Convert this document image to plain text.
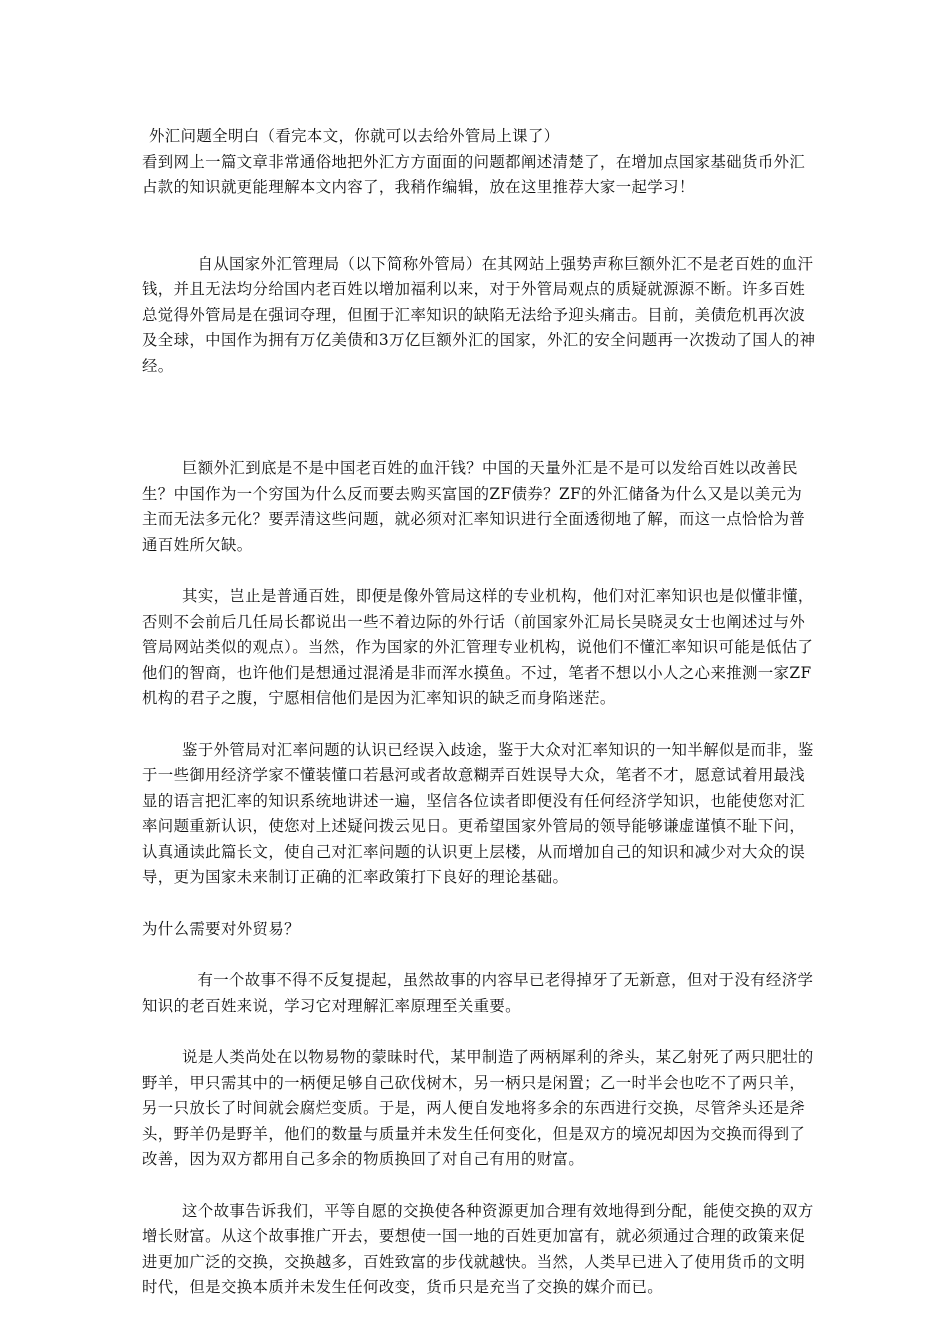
外汇问题全明白（看完本文，你就可以去给外管局上课了）

看到网上一篇文章非常通俗地把外汇方方面面的问题都阐述清楚了，在增加点国家基础货币外汇占款的知识就更能理解本文内容了，我稍作编辑，放在这里推荐大家一起学习！

自从国家外汇管理局（以下简称外管局）在其网站上强势声称巨额外汇不是老百姓的血汗钱，并且无法均分给国内老百姓以增加福利以来，对于外管局观点的质疑就源源不断。许多百姓总觉得外管局是在强词夺理，但囿于汇率知识的缺陷无法给予迎头痛击。目前，美债危机再次波及全球，中国作为拥有万亿美债和3万亿巨额外汇的国家，外汇的安全问题再一次拨动了国人的神经。

巨额外汇到底是不是中国老百姓的血汗钱？中国的天量外汇是不是可以发给百姓以改善民生？中国作为一个穷国为什么反而要去购买富国的ZF债券？ZF的外汇储备为什么又是以美元为主而无法多元化？要弄清这些问题，就必须对汇率知识进行全面透彻地了解，而这一点恰恰为普通百姓所欠缺。

其实，岂止是普通百姓，即便是像外管局这样的专业机构，他们对汇率知识也是似懂非懂，否则不会前后几任局长都说出一些不着边际的外行话（前国家外汇局长吴晓灵女士也阐述过与外管局网站类似的观点）。当然，作为国家的外汇管理专业机构，说他们不懂汇率知识可能是低估了他们的智商，也许他们是想通过混淆是非而浑水摸鱼。不过，笔者不想以小人之心来推测一家ZF机构的君子之腹，宁愿相信他们是因为汇率知识的缺乏而身陷迷茫。

鉴于外管局对汇率问题的认识已经误入歧途，鉴于大众对汇率知识的一知半解似是而非，鉴于一些御用经济学家不懂装懂口若悬河或者故意糊弄百姓误导大众，笔者不才，愿意试着用最浅显的语言把汇率的知识系统地讲述一遍，坚信各位读者即便没有任何经济学知识，也能使您对汇率问题重新认识，使您对上述疑问拨云见日。更希望国家外管局的领导能够谦虚谨慎不耻下问，认真通读此篇长文，使自己对汇率问题的认识更上层楼，从而增加自己的知识和减少对大众的误导，更为国家未来制订正确的汇率政策打下良好的理论基础。

为什么需要对外贸易？

有一个故事不得不反复提起，虽然故事的内容早已老得掉牙了无新意，但对于没有经济学知识的老百姓来说，学习它对理解汇率原理至关重要。

说是人类尚处在以物易物的蒙昧时代，某甲制造了两柄犀利的斧头，某乙射死了两只肥壮的野羊，甲只需其中的一柄便足够自己砍伐树木，另一柄只是闲置；乙一时半会也吃不了两只羊，另一只放长了时间就会腐烂变质。于是，两人便自发地将多余的东西进行交换，尽管斧头还是斧头，野羊仍是野羊，他们的数量与质量并未发生任何变化，但是双方的境况却因为交换而得到了改善，因为双方都用自己多余的物质换回了对自己有用的财富。

这个故事告诉我们，平等自愿的交换使各种资源更加合理有效地得到分配，能使交换的双方增长财富。从这个故事推广开去，要想使一国一地的百姓更加富有，就必须通过合理的政策来促进更加广泛的交换，交换越多，百姓致富的步伐就越快。当然，人类早已进入了使用货币的文明时代，但是交换本质并未发生任何改变，货币只是充当了交换的媒介而已。
